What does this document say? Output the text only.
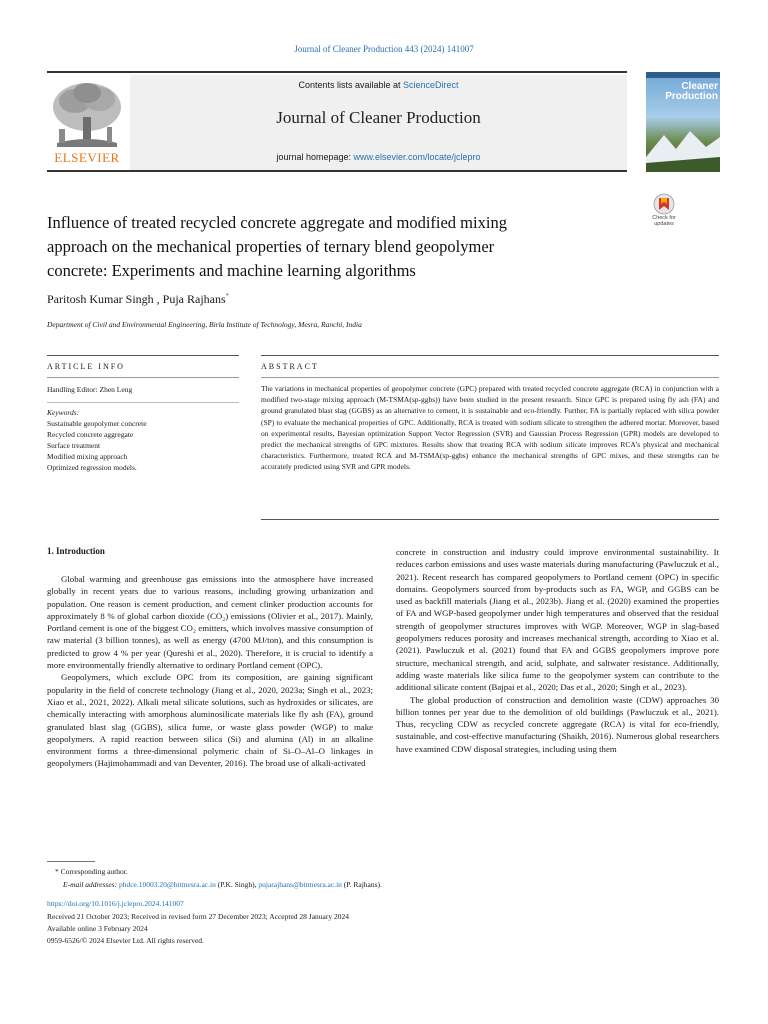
Journal of Cleaner Production 443 (2024) 141007
Contents lists available at ScienceDirect
Journal of Cleaner Production
journal homepage: www.elsevier.com/locate/jclepro
ELSEVIER
Cleaner
Production
Influence of treated recycled concrete aggregate and modified mixing
approach on the mechanical properties of ternary blend geopolymer
concrete: Experiments and machine learning algorithms
Check for
updates
Paritosh Kumar Singh , Puja Rajhans*
Department of Civil and Environmental Engineering, Birla Institute of Technology, Mesra, Ranchi, India
ARTICLE INFO	ABSTRACT
Handling Editor: Zhen Leng
Keywords:
Sustainable geopolymer concrete
Recycled concrete aggregate
Surface treatment
Modified mixing approach
Optimized regression models.
The variations in mechanical properties of geopolymer concrete (GPC) prepared with treated recycled concrete aggregate (RCA) in conjunction with a modified two-stage mixing approach (M-TSMA(sp-ggbs)) have been studied in the present research. Since GPC is prepared using fly ash (FA) and ground granulated blast slag (GGBS) as an alternative to cement, it is sustainable and eco-friendly. Further, FA is partially replaced with silica powder (SP) to evaluate the mechanical properties of GPC. Additionally, RCA is treated with sodium silicate to strengthen the adhered mortar. Moreover, based on experimental results, Bayesian optimization Support Vector Regression (SVR) and Gaussian Process Regression (GPR) models are developed to predict the mechanical strengths of GPC mixtures. Results show that treating RCA with sodium silicate improves RCA's physical and mechanical characteristics. Furthermore, treated RCA and M-TSMA(sp-ggbs) enhance the mechanical strengths of GPC mixes, and these strengths can be accurately predicted using SVR and GPR models.
1. Introduction

Global warming and greenhouse gas emissions into the atmosphere have increased globally in recent years due to various reasons, including growing urbanization and population. One reason is cement production, and cement clinker production accounts for approximately 8 % of global carbon dioxide (CO₂) emissions (Olivier et al., 2017). Mainly, Portland cement is one of the biggest CO₂ emitters, which involves massive consumption of raw material (3 billion tonnes), as well as energy (4700 MJ/ton), and this consumption is predicted to grow 4 % per year (Qureshi et al., 2020). Therefore, it is crucial to identify a more environmentally friendly alternative to ordinary Portland cement (OPC).

Geopolymers, which exclude OPC from its composition, are gaining significant popularity in the field of concrete technology (Jiang et al., 2020, 2023a; Singh et al., 2023; Xiao et al., 2021, 2022). Alkali metal silicate solutions, such as hydroxides or silicates, are chemically interacting with amorphous aluminosilicate materials like fly ash (FA), ground granulated blast slag (GGBS), silica fume, or waste glass powder (WGP) to make geopolymers. A rapid reaction between silica (Si) and alumina (Al) in an alkaline environment forms a three-dimensional polymeric chain of Si–O–Al–O linkages in geopolymers (Hajimohammadi and van Deventer, 2016). The broad use of alkali-activated

concrete in construction and industry could improve environmental sustainability. It reduces carbon emissions and uses waste materials during manufacturing (Pawluczuk et al., 2021). Recent research has compared geopolymers to Portland cement (OPC) in specific domains. Geopolymers sourced from by-products such as FA, WGP, and GGBS can be used as backfill materials (Jiang et al., 2023b). Jiang et al. (2020) examined the properties of FA and WGP-based geopolymer under high temperatures and observed that the residual strength of geopolymer structures improves with WGP. Moreover, WGP in slag-based geopolymers reduces porosity and increases mechanical strength, according to Xiao et al. (2021). Pawluczuk et al. (2021) found that FA and GGBS geopolymers improve pore structure, mechanical strength, and acid, sulphate, and saltwater resistance. Additionally, adding waste materials like silica fume to the geopolymer system can contribute to the additional silicate content (Bajpai et al., 2020; Das et al., 2020; Singh et al., 2023).

The global production of construction and demolition waste (CDW) approaches 30 billion tonnes per year due to the demolition of old buildings (Pawluczuk et al., 2021). Thus, recycling CDW as recycled concrete aggregate (RCA) is vital for eco-friendly, sustainable, and cost-effective manufacturing (Shaikh, 2016). Numerous global researchers have examined CDW disposal strategies, including using them

* Corresponding author.
E-mail addresses: phdce.10003.20@bitmesra.ac.in (P.K. Singh), pujarajhans@bitmesra.ac.in (P. Rajhans).
https://doi.org/10.1016/j.jclepro.2024.141007
Received 21 October 2023; Received in revised form 27 December 2023; Accepted 28 January 2024
Available online 3 February 2024
0959-6526/© 2024 Elsevier Ltd. All rights reserved.
